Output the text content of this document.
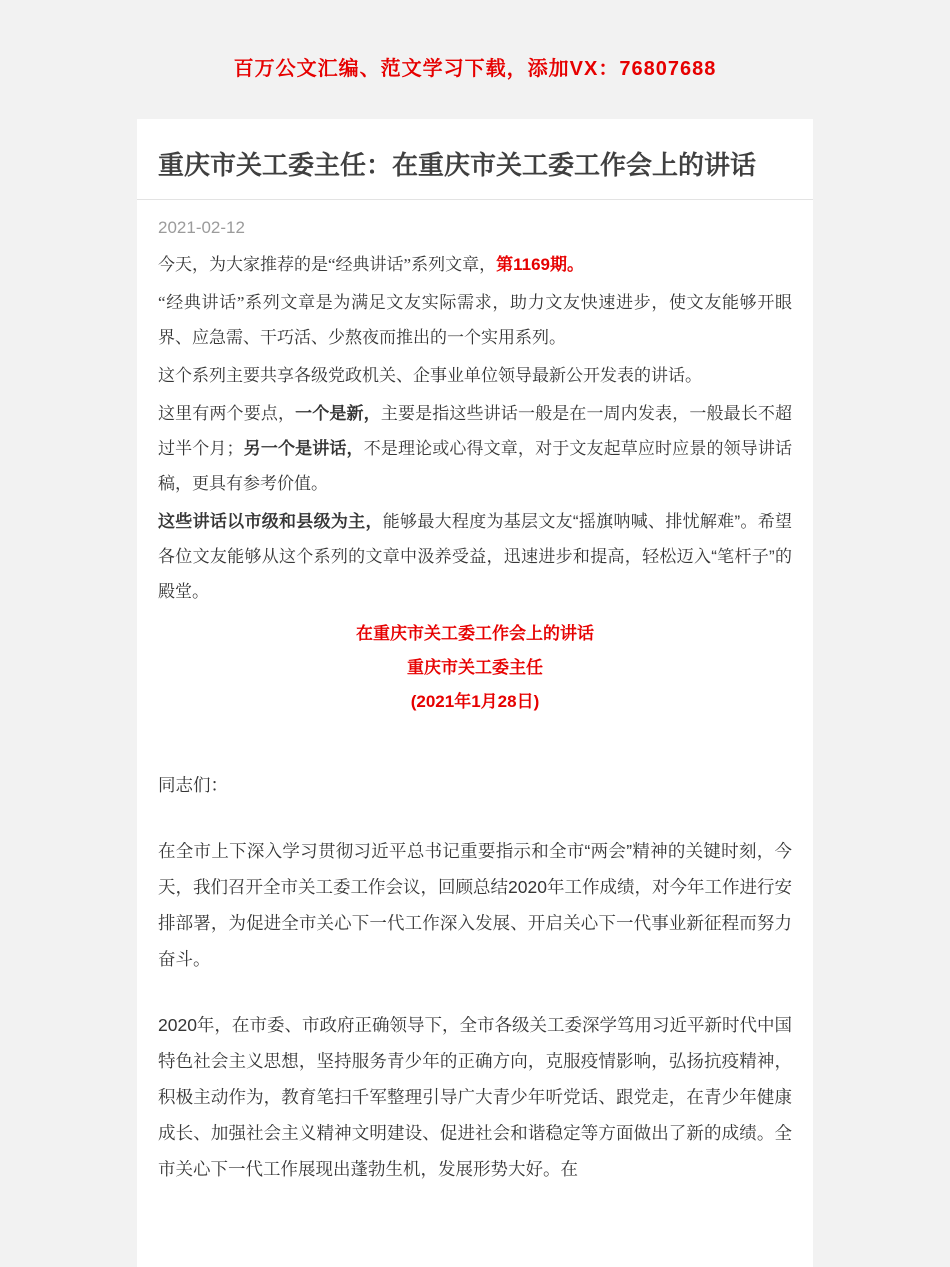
百万公文汇编、范文学习下载，添加VX：76807688
重庆市关工委主任：在重庆市关工委工作会上的讲话
2021-02-12

今天，为大家推荐的是“经典讲话”系列文章，第1169期。

“经典讲话”系列文章是为满足文友实际需求，助力文友快速进步，使文友能够开眼界、应急需、干巧活、少熬夜而推出的一个实用系列。

这个系列主要共享各级党政机关、企事业单位领导最新公开发表的讲话。

这里有两个要点，一个是新，主要是指这些讲话一般是在一周内发表，一般最长不超过半个月；另一个是讲话，不是理论或心得文章，对于文友起草应时应景的领导讲话稿，更具有参考价值。

这些讲话以市级和县级为主，能够最大程度为基层文友“摇旗呐喊、排忧解难”。希望各位文友能够从这个系列的文章中汲养受益，迅速进步和提高，轻松迈入“笔杆子”的殿堂。

在重庆市关工委工作会上的讲话
重庆市关工委主任
(2021年1月28日)
同志们：

在全市上下深入学习贯彻习近平总书记重要指示和全市“两会”精神的关键时刻，今天，我们召开全市关工委工作会议，回顾总结2020年工作成绩，对今年工作进行安排部署，为促进全市关心下一代工作深入发展、开启关心下一代事业新征程而努力奋斗。

2020年，在市委、市政府正确领导下，全市各级关工委深学笃用习近平新时代中国特色社会主义思想，坚持服务青少年的正确方向，克服疫情影响，弘扬抗疫精神，积极主动作为，教育笔扫千军整理引导广大青少年听党话、跟党走，在青少年健康成长、加强社会主义精神文明建设、促进社会和谐稳定等方面做出了新的成绩。全市关心下一代工作展现出蓬勃生机，发展形势大好。在
